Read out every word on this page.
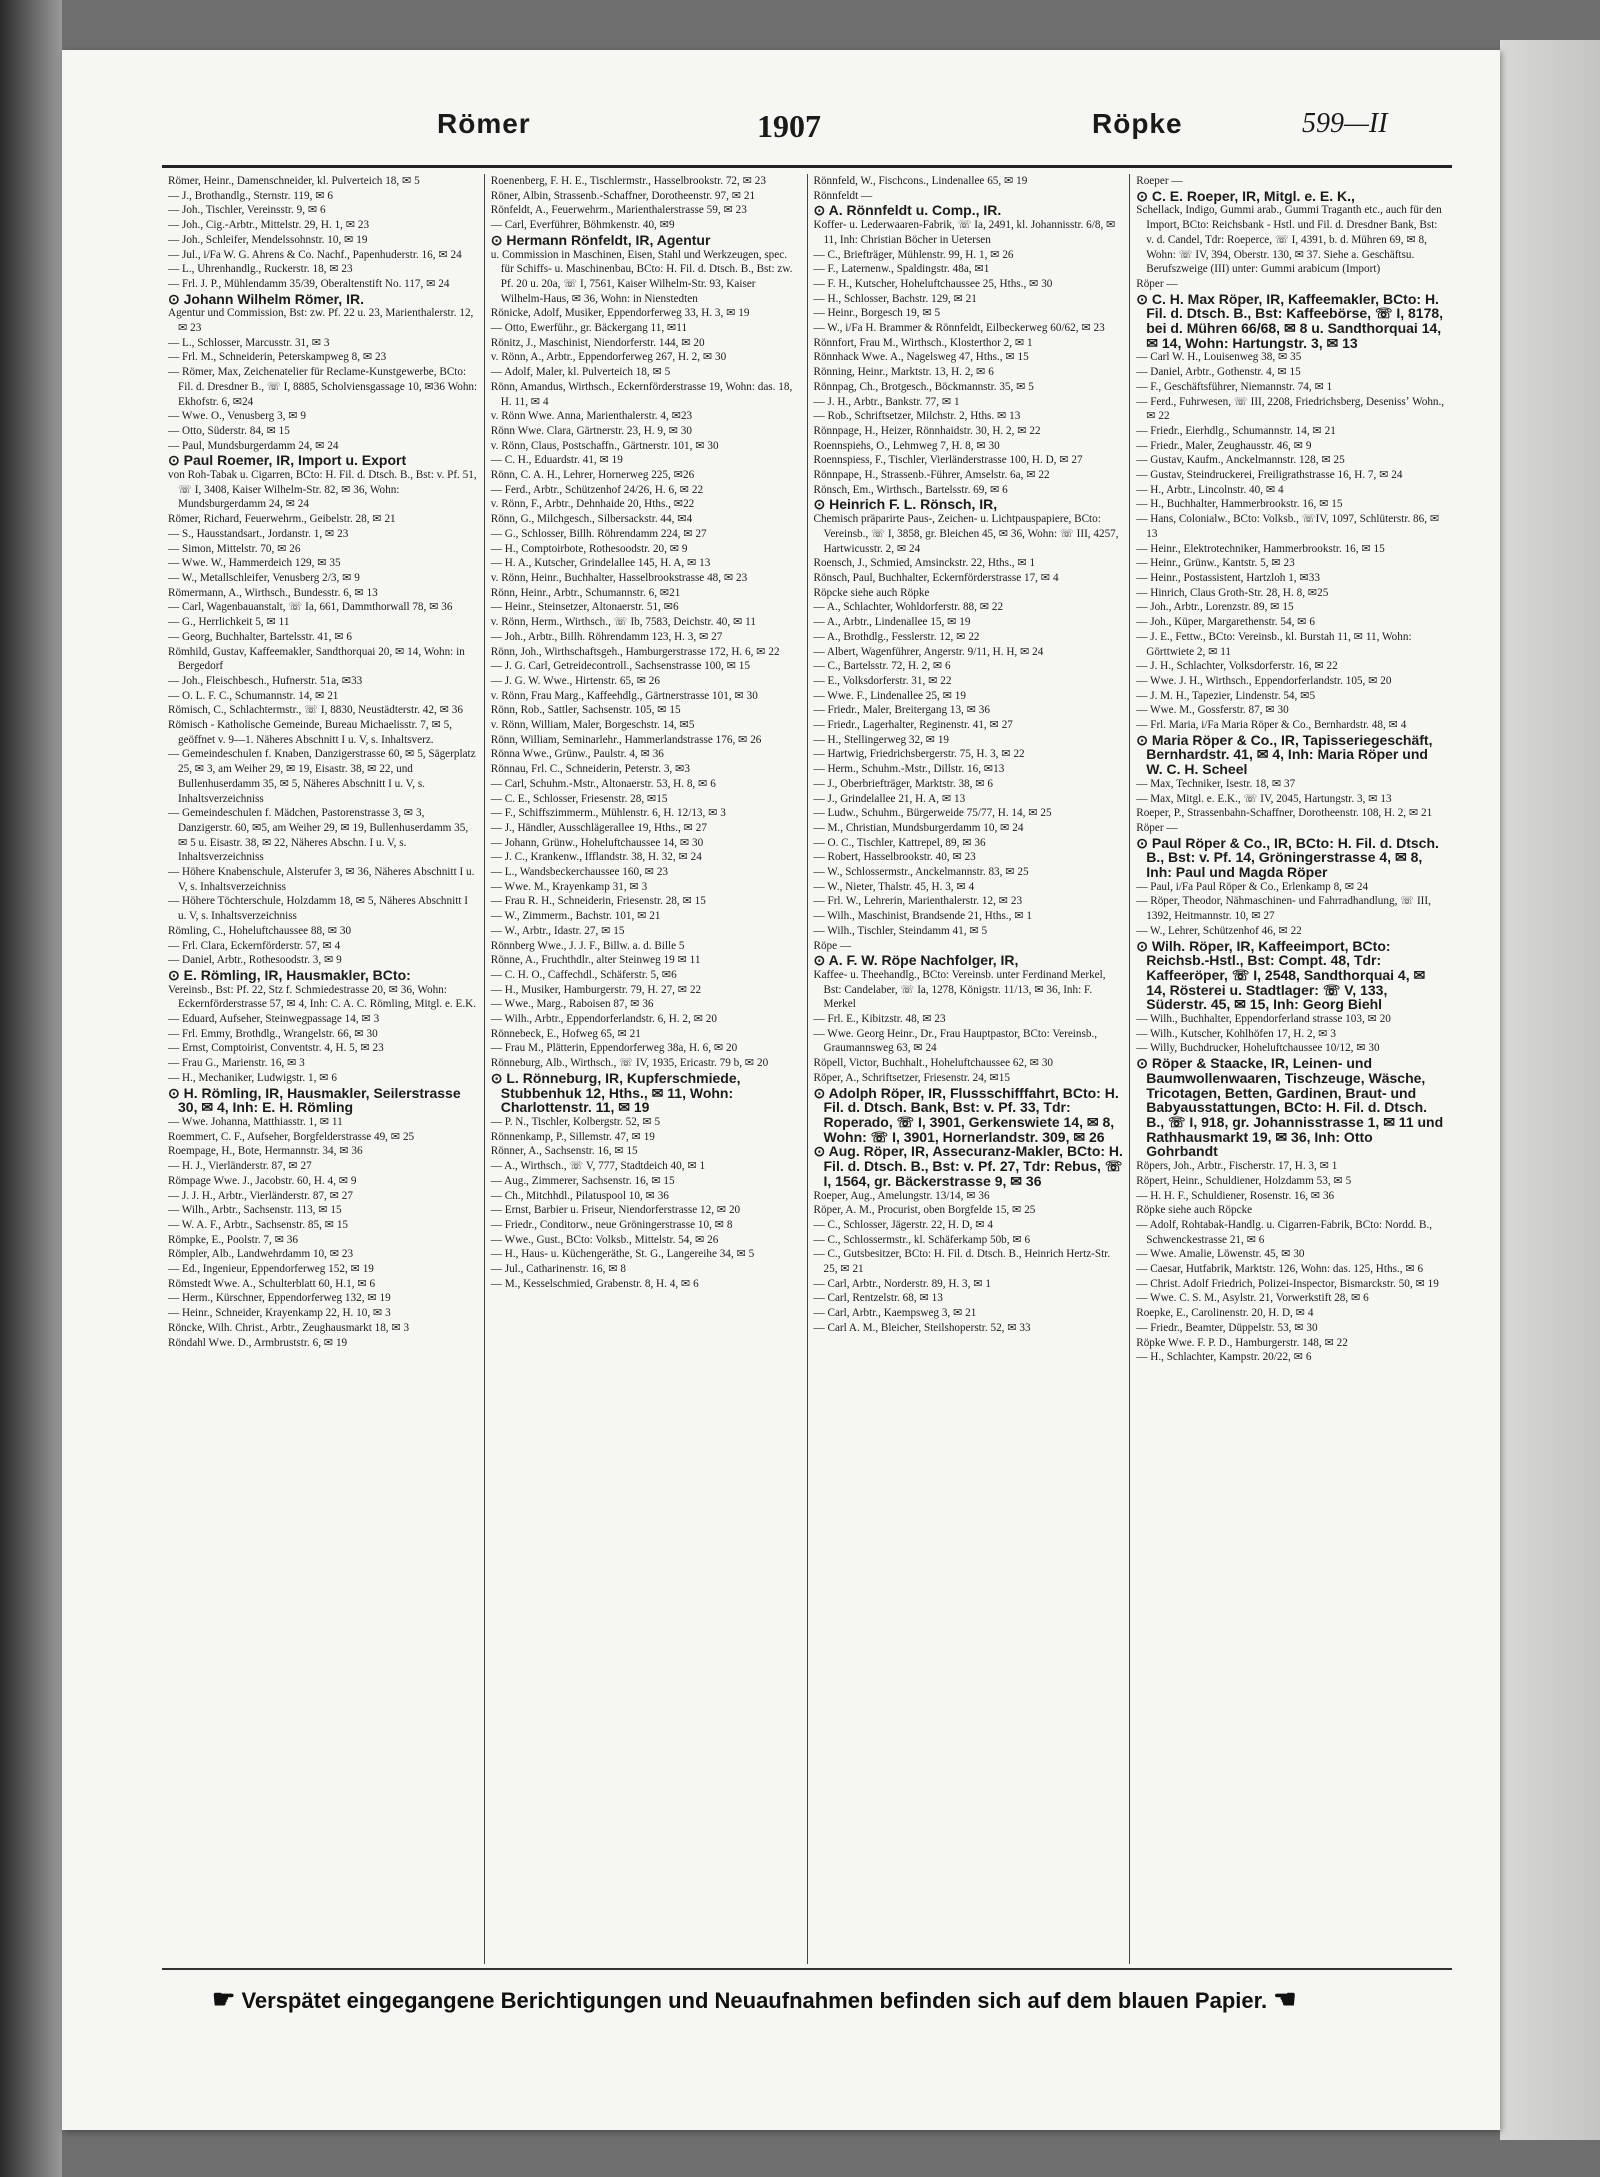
Römer	1907	Röpke	599—II

Römer, Heinr., Damenschneider, kl. Pulverteich 18, ✉ 5

— J., Brothandlg., Sternstr. 119, ✉ 6

— Joh., Tischler, Vereinsstr. 9, ✉ 6

— Joh., Cig.-Arbtr., Mittelstr. 29, H. 1, ✉ 23

— Joh., Schleifer, Mendelssohnstr. 10, ✉ 19

— Jul., i/Fa W. G. Ahrens & Co. Nachf., Papenhuderstr. 16, ✉ 24

— L., Uhrenhandlg., Ruckerstr. 18, ✉ 23

— Frl. J. P., Mühlendamm 35/39, Oberaltenstift No. 117, ✉ 24

⊙ Johann Wilhelm Römer, IR.

Agentur und Commission, Bst: zw. Pf. 22 u. 23, Marienthalerstr. 12, ✉ 23

— L., Schlosser, Marcusstr. 31, ✉ 3

— Frl. M., Schneiderin, Peterskampweg 8, ✉ 23

— Römer, Max, Zeichenatelier für Reclame-Kunstgewerbe, BCto: Fil. d. Dresdner B., ☏ I, 8885, Scholviensgassage 10, ✉36 Wohn: Ekhofstr. 6, ✉24

— Wwe. O., Venusberg 3, ✉ 9

— Otto, Süderstr. 84, ✉ 15

— Paul, Mundsburgerdamm 24, ✉ 24

⊙ Paul Roemer, IR, Import u. Export

von Roh-Tabak u. Cigarren, BCto: H. Fil. d. Dtsch. B., Bst: v. Pf. 51, ☏ I, 3408, Kaiser Wilhelm-Str. 82, ✉ 36, Wohn: Mundsburgerdamm 24, ✉ 24

Römer, Richard, Feuerwehrm., Geibelstr. 28, ✉ 21

— S., Hausstandsart., Jordanstr. 1, ✉ 23

— Simon, Mittelstr. 70, ✉ 26

— Wwe. W., Hammerdeich 129, ✉ 35

— W., Metallschleifer, Venusberg 2/3, ✉ 9

Römermann, A., Wirthsch., Bundesstr. 6, ✉ 13

— Carl, Wagenbauanstalt, ☏ Ia, 661, Dammthorwall 78, ✉ 36

— G., Herrlichkeit 5, ✉ 11

— Georg, Buchhalter, Bartelsstr. 41, ✉ 6

Römhild, Gustav, Kaffeemakler, Sandthorquai 20, ✉ 14, Wohn: in Bergedorf

— Joh., Fleischbesch., Hufnerstr. 51a, ✉33

— O. L. F. C., Schumannstr. 14, ✉ 21

Römisch, C., Schlachtermstr., ☏ I, 8830, Neustädterstr. 42, ✉ 36

Römisch - Katholische Gemeinde, Bureau Michaelisstr. 7, ✉ 5, geöffnet v. 9—1. Näheres Abschnitt I u. V, s. Inhaltsverz.

— Gemeindeschulen f. Knaben, Danzigerstrasse 60, ✉ 5, Sägerplatz 25, ✉ 3, am Weiher 29, ✉ 19, Eisastr. 38, ✉ 22, und Bullenhuserdamm 35, ✉ 5, Näheres Abschnitt I u. V, s. Inhaltsverzeichniss

— Gemeindeschulen f. Mädchen, Pastorenstrasse 3, ✉ 3, Danzigerstr. 60, ✉5, am Weiher 29, ✉ 19, Bullenhuserdamm 35, ✉ 5 u. Eisastr. 38, ✉ 22, Näheres Abschn. I u. V, s. Inhaltsverzeichniss

— Höhere Knabenschule, Alsterufer 3, ✉ 36, Näheres Abschnitt I u. V, s. Inhaltsverzeichniss

— Höhere Töchterschule, Holzdamm 18, ✉ 5, Näheres Abschnitt I u. V, s. Inhaltsverzeichniss

Römling, C., Hoheluftchaussee 88, ✉ 30

— Frl. Clara, Eckernförderstr. 57, ✉ 4

— Daniel, Arbtr., Rothesoodstr. 3, ✉ 9

⊙ E. Römling, IR, Hausmakler, BCto:

Vereinsb., Bst: Pf. 22, Stz f. Schmiedestrasse 20, ✉ 36, Wohn: Eckernförderstrasse 57, ✉ 4, Inh: C. A. C. Römling, Mitgl. e. E.K.

— Eduard, Aufseher, Steinwegpassage 14, ✉ 3

— Frl. Emmy, Brothdlg., Wrangelstr. 66, ✉ 30

— Ernst, Comptoirist, Conventstr. 4, H. 5, ✉ 23

— Frau G., Marienstr. 16, ✉ 3

— H., Mechaniker, Ludwigstr. 1, ✉ 6

⊙ H. Römling, IR, Hausmakler, Seilerstrasse 30, ✉ 4, Inh: E. H. Römling

— Wwe. Johanna, Matthiasstr. 1, ✉ 11

Roemmert, C. F., Aufseher, Borgfelderstrasse 49, ✉ 25

Roempage, H., Bote, Hermannstr. 34, ✉ 36

— H. J., Vierländerstr. 87, ✉ 27

Römpage Wwe. J., Jacobstr. 60, H. 4, ✉ 9

— J. J. H., Arbtr., Vierländerstr. 87, ✉ 27

— Wilh., Arbtr., Sachsenstr. 113, ✉ 15

— W. A. F., Arbtr., Sachsenstr. 85, ✉ 15

Römpke, E., Poolstr. 7, ✉ 36

Römpler, Alb., Landwehrdamm 10, ✉ 23

— Ed., Ingenieur, Eppendorferweg 152, ✉ 19

Römstedt Wwe. A., Schulterblatt 60, H.1, ✉ 6

— Herm., Kürschner, Eppendorferweg 132, ✉ 19

— Heinr., Schneider, Krayenkamp 22, H. 10, ✉ 3

Röncke, Wilh. Christ., Arbtr., Zeughausmarkt 18, ✉ 3

Röndahl Wwe. D., Armbruststr. 6, ✉ 19

Roenenberg, F. H. E., Tischlermstr., Hasselbrookstr. 72, ✉ 23

Röner, Albin, Strassenb.-Schaffner, Dorotheenstr. 97, ✉ 21

Rönfeldt, A., Feuerwehrm., Marienthalerstrasse 59, ✉ 23

— Carl, Everführer, Böhmkenstr. 40, ✉9

⊙ Hermann Rönfeldt, IR, Agentur

u. Commission in Maschinen, Eisen, Stahl und Werkzeugen, spec. für Schiffs- u. Maschinenbau, BCto: H. Fil. d. Dtsch. B., Bst: zw. Pf. 20 u. 20a, ☏ I, 7561, Kaiser Wilhelm-Str. 93, Kaiser Wilhelm-Haus, ✉ 36, Wohn: in Nienstedten

Rönicke, Adolf, Musiker, Eppendorferweg 33, H. 3, ✉ 19

— Otto, Ewerführ., gr. Bäckergang 11, ✉11

Rönitz, J., Maschinist, Niendorferstr. 144, ✉ 20

v. Rönn, A., Arbtr., Eppendorferweg 267, H. 2, ✉ 30

— Adolf, Maler, kl. Pulverteich 18, ✉ 5

Rönn, Amandus, Wirthsch., Eckernförderstrasse 19, Wohn: das. 18, H. 11, ✉ 4

v. Rönn Wwe. Anna, Marienthalerstr. 4, ✉23

Rönn Wwe. Clara, Gärtnerstr. 23, H. 9, ✉ 30

v. Rönn, Claus, Postschaffn., Gärtnerstr. 101, ✉ 30

— C. H., Eduardstr. 41, ✉ 19

Rönn, C. A. H., Lehrer, Hornerweg 225, ✉26

— Ferd., Arbtr., Schützenhof 24/26, H. 6, ✉ 22

v. Rönn, F., Arbtr., Dehnhaide 20, Hths., ✉22

Rönn, G., Milchgesch., Silbersackstr. 44, ✉4

— G., Schlosser, Billh. Röhrendamm 224, ✉ 27

— H., Comptoirbote, Rothesoodstr. 20, ✉ 9

— H. A., Kutscher, Grindelallee 145, H. A, ✉ 13

v. Rönn, Heinr., Buchhalter, Hasselbrookstrasse 48, ✉ 23

Rönn, Heinr., Arbtr., Schumannstr. 6, ✉21

— Heinr., Steinsetzer, Altonaerstr. 51, ✉6

v. Rönn, Herm., Wirthsch., ☏ Ib, 7583, Deichstr. 40, ✉ 11

— Joh., Arbtr., Billh. Röhrendamm 123, H. 3, ✉ 27

Rönn, Joh., Wirthschaftsgeh., Hamburgerstrasse 172, H. 6, ✉ 22

— J. G. Carl, Getreidecontroll., Sachsenstrasse 100, ✉ 15

— J. G. W. Wwe., Hirtenstr. 65, ✉ 26

v. Rönn, Frau Marg., Kaffeehdlg., Gärtnerstrasse 101, ✉ 30

Rönn, Rob., Sattler, Sachsenstr. 105, ✉ 15

v. Rönn, William, Maler, Borgeschstr. 14, ✉5

Rönn, William, Seminarlehr., Hammerlandstrasse 176, ✉ 26

Rönna Wwe., Grünw., Paulstr. 4, ✉ 36

Rönnau, Frl. C., Schneiderin, Peterstr. 3, ✉3

— Carl, Schuhm.-Mstr., Altonaerstr. 53, H. 8, ✉ 6

— C. E., Schlosser, Friesenstr. 28, ✉15

— F., Schiffszimmerm., Mühlenstr. 6, H. 12/13, ✉ 3

— J., Händler, Ausschlägerallee 19, Hths., ✉ 27

— Johann, Grünw., Hoheluftchaussee 14, ✉ 30

— J. C., Krankenw., Ifflandstr. 38, H. 32, ✉ 24

— L., Wandsbeckerchaussee 160, ✉ 23

— Wwe. M., Krayenkamp 31, ✉ 3

— Frau R. H., Schneiderin, Friesenstr. 28, ✉ 15

— W., Zimmerm., Bachstr. 101, ✉ 21

— W., Arbtr., Idastr. 27, ✉ 15

Rönnberg Wwe., J. J. F., Billw. a. d. Bille 5

Rönne, A., Fruchthdlr., alter Steinweg 19 ✉ 11

— C. H. O., Caffechdl., Schäferstr. 5, ✉6

— H., Musiker, Hamburgerstr. 79, H. 27, ✉ 22

— Wwe., Marg., Raboisen 87, ✉ 36

— Wilh., Arbtr., Eppendorferlandstr. 6, H. 2, ✉ 20

Rönnebeck, E., Hofweg 65, ✉ 21

— Frau M., Plätterin, Eppendorferweg 38a, H. 6, ✉ 20

Rönneburg, Alb., Wirthsch., ☏ IV, 1935, Ericastr. 79 b, ✉ 20

⊙ L. Rönneburg, IR, Kupferschmiede, Stubbenhuk 12, Hths., ✉ 11, Wohn: Charlottenstr. 11, ✉ 19

— P. N., Tischler, Kolbergstr. 52, ✉ 5

Rönnenkamp, P., Sillemstr. 47, ✉ 19

Rönner, A., Sachsenstr. 16, ✉ 15

— A., Wirthsch., ☏ V, 777, Stadtdeich 40, ✉ 1

— Aug., Zimmerer, Sachsenstr. 16, ✉ 15

— Ch., Mitchhdl., Pilatuspool 10, ✉ 36

— Ernst, Barbier u. Friseur, Niendorferstrasse 12, ✉ 20

— Friedr., Conditorw., neue Gröningerstrasse 10, ✉ 8

— Wwe., Gust., BCto: Volksb., Mittelstr. 54, ✉ 26

— H., Haus- u. Küchengeräthe, St. G., Langereihe 34, ✉ 5

— Jul., Catharinenstr. 16, ✉ 8

— M., Kesselschmied, Grabenstr. 8, H. 4, ✉ 6

Rönnfeld, W., Fischcons., Lindenallee 65, ✉ 19

Rönnfeldt —

⊙ A. Rönnfeldt u. Comp., IR.

Koffer- u. Lederwaaren-Fabrik, ☏ Ia, 2491, kl. Johannisstr. 6/8, ✉ 11, Inh: Christian Böcher in Uetersen

— C., Briefträger, Mühlenstr. 99, H. 1, ✉ 26

— F., Laternenw., Spaldingstr. 48a, ✉1

— F. H., Kutscher, Hoheluftchaussee 25, Hths., ✉ 30

— H., Schlosser, Bachstr. 129, ✉ 21

— Heinr., Borgesch 19, ✉ 5

— W., i/Fa H. Brammer & Rönnfeldt, Eilbeckerweg 60/62, ✉ 23

Rönnfort, Frau M., Wirthsch., Klosterthor 2, ✉ 1

Rönnhack Wwe. A., Nagelsweg 47, Hths., ✉ 15

Rönning, Heinr., Marktstr. 13, H. 2, ✉ 6

Rönnpag, Ch., Brotgesch., Böckmannstr. 35, ✉ 5

— J. H., Arbtr., Bankstr. 77, ✉ 1

— Rob., Schriftsetzer, Milchstr. 2, Hths. ✉ 13

Rönnpage, H., Heizer, Rönnhaidstr. 30, H. 2, ✉ 22

Roennspiehs, O., Lehmweg 7, H. 8, ✉ 30

Roennspiess, F., Tischler, Vierländerstrasse 100, H. D, ✉ 27

Rönnpape, H., Strassenb.-Führer, Amselstr. 6a, ✉ 22

Rönsch, Em., Wirthsch., Bartelsstr. 69, ✉ 6

⊙ Heinrich F. L. Rönsch, IR,

Chemisch präparirte Paus-, Zeichen- u. Lichtpauspapiere, BCto: Vereinsb., ☏ I, 3858, gr. Bleichen 45, ✉ 36, Wohn: ☏ III, 4257, Hartwicusstr. 2, ✉ 24

Roensch, J., Schmied, Amsinckstr. 22, Hths., ✉ 1

Rönsch, Paul, Buchhalter, Eckernförderstrasse 17, ✉ 4

Röpcke siehe auch Röpke

— A., Schlachter, Wohldorferstr. 88, ✉ 22

— A., Arbtr., Lindenallee 15, ✉ 19

— A., Brothdlg., Fesslerstr. 12, ✉ 22

— Albert, Wagenführer, Angerstr. 9/11, H. H, ✉ 24

— C., Bartelsstr. 72, H. 2, ✉ 6

— E., Volksdorferstr. 31, ✉ 22

— Wwe. F., Lindenallee 25, ✉ 19

— Friedr., Maler, Breitergang 13, ✉ 36

— Friedr., Lagerhalter, Reginenstr. 41, ✉ 27

— H., Stellingerweg 32, ✉ 19

— Hartwig, Friedrichsbergerstr. 75, H. 3, ✉ 22

— Herm., Schuhm.-Mstr., Dillstr. 16, ✉13

— J., Oberbriefträger, Marktstr. 38, ✉ 6

— J., Grindelallee 21, H. A, ✉ 13

— Ludw., Schuhm., Bürgerweide 75/77, H. 14, ✉ 25

— M., Christian, Mundsburgerdamm 10, ✉ 24

— O. C., Tischler, Kattrepel, 89, ✉ 36

— Robert, Hasselbrookstr. 40, ✉ 23

— W., Schlossermstr., Anckelmannstr. 83, ✉ 25

— W., Nieter, Thalstr. 45, H. 3, ✉ 4

— Frl. W., Lehrerin, Marienthalerstr. 12, ✉ 23

— Wilh., Maschinist, Brandsende 21, Hths., ✉ 1

— Wilh., Tischler, Steindamm 41, ✉ 5

Röpe —

⊙ A. F. W. Röpe Nachfolger, IR,

Kaffee- u. Theehandlg., BCto: Vereinsb. unter Ferdinand Merkel, Bst: Candelaber, ☏ Ia, 1278, Königstr. 11/13, ✉ 36, Inh: F. Merkel

— Frl. E., Kibitzstr. 48, ✉ 23

— Wwe. Georg Heinr., Dr., Frau Hauptpastor, BCto: Vereinsb., Graumannsweg 63, ✉ 24

Röpell, Victor, Buchhalt., Hoheluftchaussee 62, ✉ 30

Röper, A., Schriftsetzer, Friesenstr. 24, ✉15

⊙ Adolph Röper, IR, Flussschifffahrt, BCto: H. Fil. d. Dtsch. Bank, Bst: v. Pf. 33, Tdr: Roperado, ☏ I, 3901, Gerkenswiete 14, ✉ 8, Wohn: ☏ I, 3901, Hornerlandstr. 309, ✉ 26

⊙ Aug. Röper, IR, Assecuranz-Makler, BCto: H. Fil. d. Dtsch. B., Bst: v. Pf. 27, Tdr: Rebus, ☏ I, 1564, gr. Bäckerstrasse 9, ✉ 36

Roeper, Aug., Amelungstr. 13/14, ✉ 36

Röper, A. M., Procurist, oben Borgfelde 15, ✉ 25

— C., Schlosser, Jägerstr. 22, H. D, ✉ 4

— C., Schlossermstr., kl. Schäferkamp 50b, ✉ 6

— C., Gutsbesitzer, BCto: H. Fil. d. Dtsch. B., Heinrich Hertz-Str. 25, ✉ 21

— Carl, Arbtr., Norderstr. 89, H. 3, ✉ 1

— Carl, Rentzelstr. 68, ✉ 13

— Carl, Arbtr., Kaempsweg 3, ✉ 21

— Carl A. M., Bleicher, Steilshoperstr. 52, ✉ 33

Roeper —

⊙ C. E. Roeper, IR, Mitgl. e. E. K.,

Schellack, Indigo, Gummi arab., Gummi Traganth etc., auch für den Import, BCto: Reichsbank - Hstl. und Fil. d. Dresdner Bank, Bst: v. d. Candel, Tdr: Roeperce, ☏ I, 4391, b. d. Mühren 69, ✉ 8, Wohn: ☏ IV, 394, Oberstr. 130, ✉ 37. Siehe a. Geschäftsu. Berufszweige (III) unter: Gummi arabicum (Import)

Röper —

⊙ C. H. Max Röper, IR, Kaffeemakler, BCto: H. Fil. d. Dtsch. B., Bst: Kaffeebörse, ☏ I, 8178, bei d. Mühren 66/68, ✉ 8 u. Sandthorquai 14, ✉ 14, Wohn: Hartungstr. 3, ✉ 13

— Carl W. H., Louisenweg 38, ✉ 35

— Daniel, Arbtr., Gothenstr. 4, ✉ 15

— F., Geschäftsführer, Niemannstr. 74, ✉ 1

— Ferd., Fuhrwesen, ☏ III, 2208, Friedrichsberg, Desenissʼ Wohn., ✉ 22

— Friedr., Eierhdlg., Schumannstr. 14, ✉ 21

— Friedr., Maler, Zeughausstr. 46, ✉ 9

— Gustav, Kaufm., Anckelmannstr. 128, ✉ 25

— Gustav, Steindruckerei, Freiligrathstrasse 16, H. 7, ✉ 24

— H., Arbtr., Lincolnstr. 40, ✉ 4

— H., Buchhalter, Hammerbrookstr. 16, ✉ 15

— Hans, Colonialw., BCto: Volksb., ☏IV, 1097, Schlüterstr. 86, ✉ 13

— Heinr., Elektrotechniker, Hammerbrookstr. 16, ✉ 15

— Heinr., Grünw., Kantstr. 5, ✉ 23

— Heinr., Postassistent, Hartzloh 1, ✉33

— Hinrich, Claus Groth-Str. 28, H. 8, ✉25

— Joh., Arbtr., Lorenzstr. 89, ✉ 15

— Joh., Küper, Margarethenstr. 54, ✉ 6

— J. E., Fettw., BCto: Vereinsb., kl. Burstah 11, ✉ 11, Wohn: Görttwiete 2, ✉ 11

— J. H., Schlachter, Volksdorferstr. 16, ✉ 22

— Wwe. J. H., Wirthsch., Eppendorferlandstr. 105, ✉ 20

— J. M. H., Tapezier, Lindenstr. 54, ✉5

— Wwe. M., Gossferstr. 87, ✉ 30

— Frl. Maria, i/Fa Maria Röper & Co., Bernhardstr. 48, ✉ 4

⊙ Maria Röper & Co., IR, Tapisseriegeschäft, Bernhardstr. 41, ✉ 4, Inh: Maria Röper und W. C. H. Scheel

— Max, Techniker, Isestr. 18, ✉ 37

— Max, Mitgl. e. E.K., ☏ IV, 2045, Hartungstr. 3, ✉ 13

Roeper, P., Strassenbahn-Schaffner, Dorotheenstr. 108, H. 2, ✉ 21

Röper —

⊙ Paul Röper & Co., IR, BCto: H. Fil. d. Dtsch. B., Bst: v. Pf. 14, Gröningerstrasse 4, ✉ 8, Inh: Paul und Magda Röper

— Paul, i/Fa Paul Röper & Co., Erlenkamp 8, ✉ 24

— Röper, Theodor, Nähmaschinen- und Fahrradhandlung, ☏ III, 1392, Heitmannstr. 10, ✉ 27

— W., Lehrer, Schützenhof 46, ✉ 22

⊙ Wilh. Röper, IR, Kaffeeimport, BCto: Reichsb.-Hstl., Bst: Compt. 48, Tdr: Kaffeeröper, ☏ I, 2548, Sandthorquai 4, ✉ 14, Rösterei u. Stadtlager: ☏ V, 133, Süderstr. 45, ✉ 15, Inh: Georg Biehl

— Wilh., Buchhalter, Eppendorferland strasse 103, ✉ 20

— Wilh., Kutscher, Kohlhöfen 17, H. 2, ✉ 3

— Willy, Buchdrucker, Hoheluftchaussee 10/12, ✉ 30

⊙ Röper & Staacke, IR, Leinen- und Baumwollenwaaren, Tischzeuge, Wäsche, Tricotagen, Betten, Gardinen, Braut- und Babyausstattungen, BCto: H. Fil. d. Dtsch. B., ☏ I, 918, gr. Johannisstrasse 1, ✉ 11 und Rathhausmarkt 19, ✉ 36, Inh: Otto Gohrbandt

Röpers, Joh., Arbtr., Fischerstr. 17, H. 3, ✉ 1

Röpert, Heinr., Schuldiener, Holzdamm 53, ✉ 5

— H. H. F., Schuldiener, Rosenstr. 16, ✉ 36

Röpke siehe auch Röpcke

— Adolf, Rohtabak-Handlg. u. Cigarren-Fabrik, BCto: Nordd. B., Schwenckestrasse 21, ✉ 6

— Wwe. Amalie, Löwenstr. 45, ✉ 30

— Caesar, Hutfabrik, Marktstr. 126, Wohn: das. 125, Hths., ✉ 6

— Christ. Adolf Friedrich, Polizei-Inspector, Bismarckstr. 50, ✉ 19

— Wwe. C. S. M., Asylstr. 21, Vorwerkstift 28, ✉ 6

Roepke, E., Carolinenstr. 20, H. D, ✉ 4

— Friedr., Beamter, Düppelstr. 53, ✉ 30

Röpke Wwe. F. P. D., Hamburgerstr. 148, ✉ 22

— H., Schlachter, Kampstr. 20/22, ✉ 6

☛ Verspätet eingegangene Berichtigungen und Neuaufnahmen befinden sich auf dem blauen Papier. ☚
